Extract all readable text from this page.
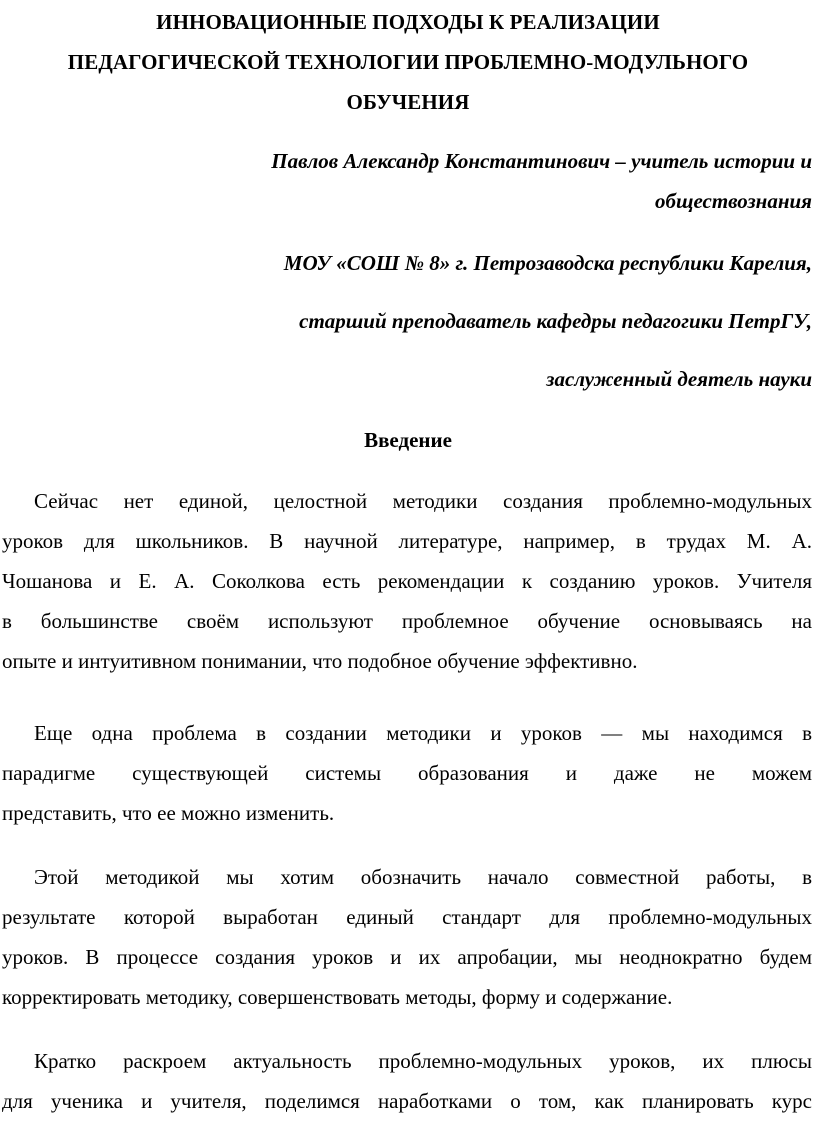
ИННОВАЦИОННЫЕ ПОДХОДЫ К РЕАЛИЗАЦИИ
ПЕДАГОГИЧЕСКОЙ ТЕХНОЛОГИИ ПРОБЛЕМНО-МОДУЛЬНОГО
ОБУЧЕНИЯ
Павлов Александр Константинович – учитель истории и
обществознания
МОУ «СОШ № 8» г. Петрозаводска республики Карелия,
старший преподаватель кафедры педагогики ПетрГУ,
заслуженный деятель науки
Введение
Сейчас нет единой, целостной методики создания проблемно-модульных
уроков для школьников. В научной литературе, например, в трудах М. А.
Чошанова и Е. А. Соколкова есть рекомендации к созданию уроков. Учителя
в большинстве своём используют проблемное обучение основываясь на
опыте и интуитивном понимании, что подобное обучение эффективно.
Еще одна проблема в создании методики и уроков — мы находимся в
парадигме существующей системы образования и даже не можем
представить, что ее можно изменить.
Этой методикой мы хотим обозначить начало совместной работы, в
результате которой выработан единый стандарт для проблемно-модульных
уроков. В процессе создания уроков и их апробации, мы неоднократно будем
корректировать методику, совершенствовать методы, форму и содержание.
Кратко раскроем актуальность проблемно-модульных уроков, их плюсы
для ученика и учителя, поделимся наработками о том, как планировать курс
